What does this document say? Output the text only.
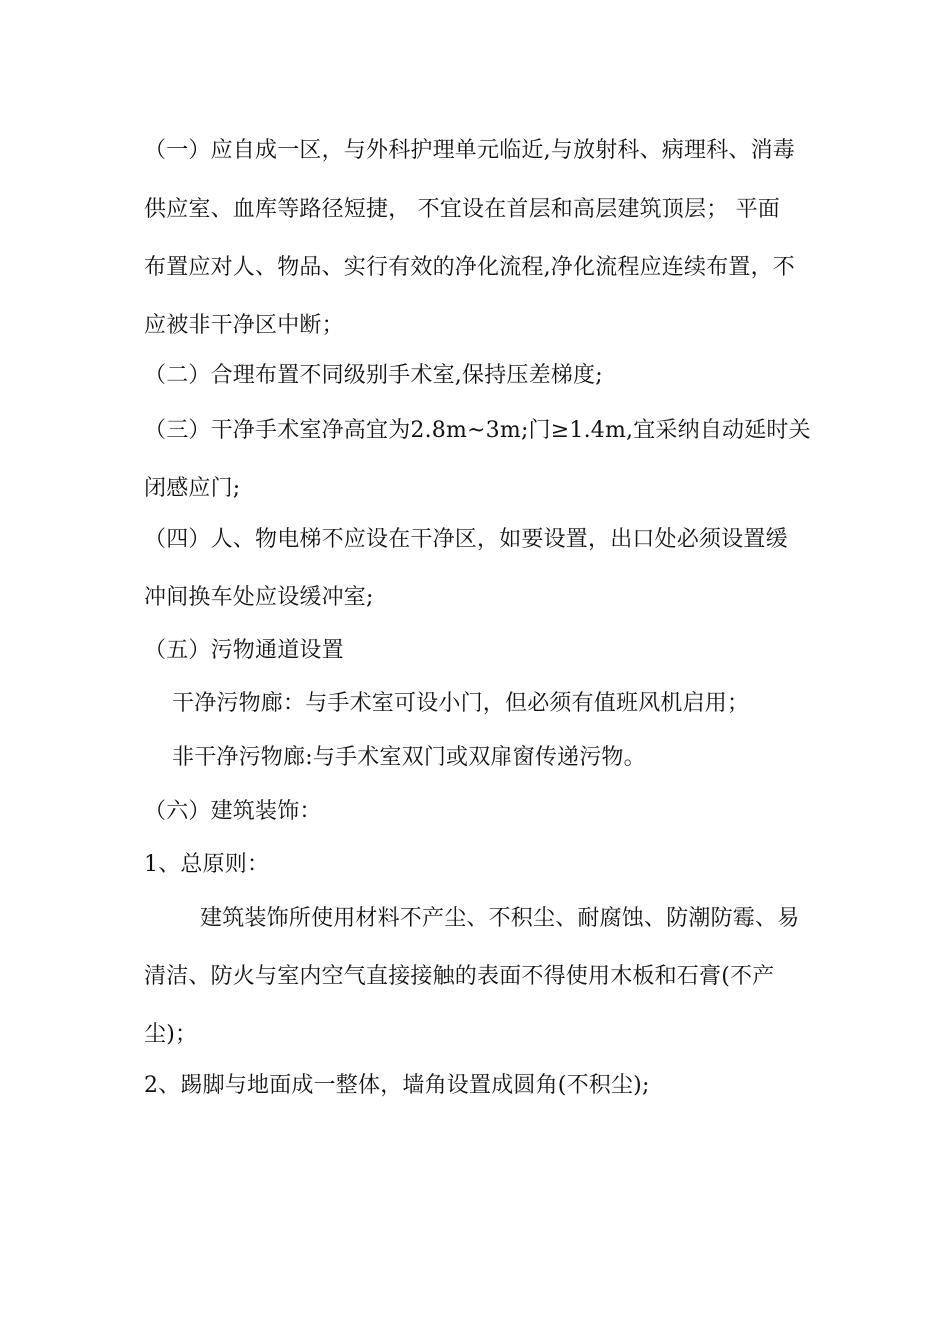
（一）应自成一区，与外科护理单元临近,与放射科、病理科、消毒
供应室、血库等路径短捷， 不宜设在首层和高层建筑顶层； 平面
布置应对人、物品、实行有效的净化流程,净化流程应连续布置，不
应被非干净区中断；
（二）合理布置不同级别手术室,保持压差梯度;
（三）干净手术室净高宜为2.8m~3m;门≥1.4m,宜采纳自动延时关
闭感应门;
（四）人、物电梯不应设在干净区，如要设置，出口处必须设置缓
冲间换车处应设缓冲室;
（五）污物通道设置
干净污物廊：与手术室可设小门，但必须有值班风机启用；
非干净污物廊:与手术室双门或双扉窗传递污物。
（六）建筑装饰：
1、总原则：
建筑装饰所使用材料不产尘、不积尘、耐腐蚀、防潮防霉、易
清洁、防火与室内空气直接接触的表面不得使用木板和石膏(不产
尘)；
2、踢脚与地面成一整体，墙角设置成圆角(不积尘);
